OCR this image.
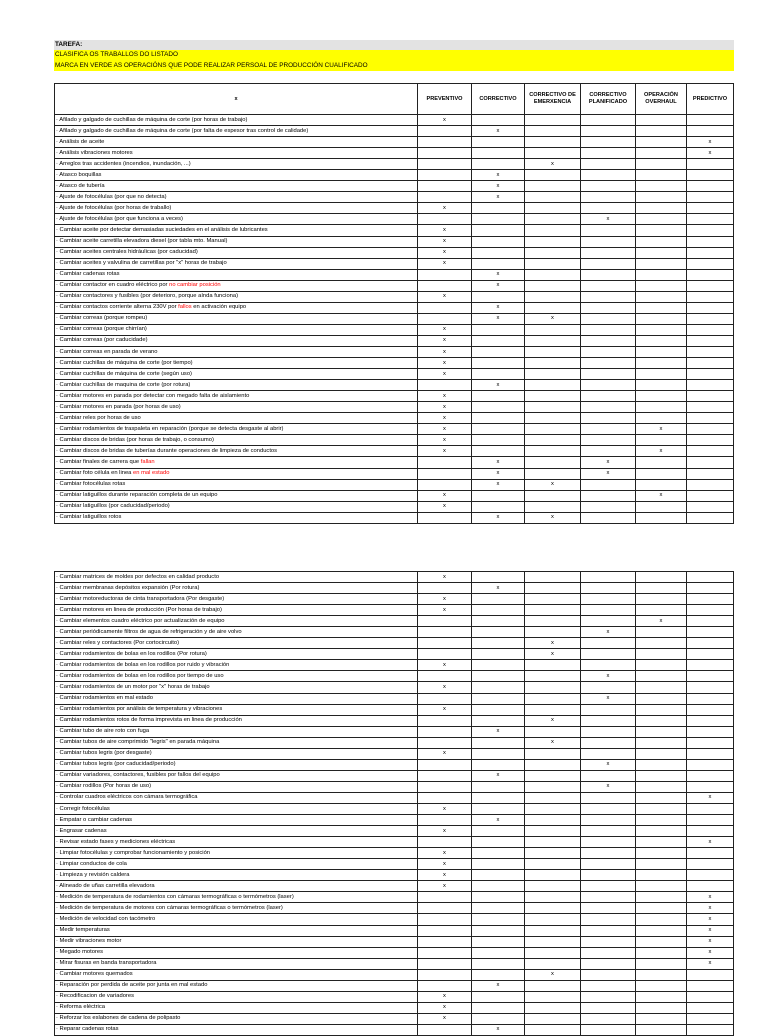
TAREFA:
CLASIFICA OS TRABALLOS DO LISTADO
MARCA EN VERDE AS OPERACIÓNS QUE PODE REALIZAR PERSOAL DE PRODUCCIÓN CUALIFICADO
x	PREVENTIVO	CORRECTIVO	CORRECTIVO DE EMERXENCIA	CORRECTIVO PLANIFICADO	OPERACIÓN OVERHAUL	PREDICTIVO
· Afilado y galgado de cuchillas de máquina de corte (por horas de trabajo)	x					
· Afilado y galgado de cuchillas de máquina de corte (por falta de espesor tras control de calidade)		x				
· Análisis de aceite						x
· Análisis vibraciones motores						x
· Arreglos tras accidentes (incendios, inundación, ...)			x			
· Atasco boquillas		x				
· Atasco de tubería		x				
· Ajuste de fotocélulas (por que no detecta)		x				
· Ajuste de fotocélulas (por horas de traballo)	x					
· Ajuste de fotocélulas (por que funciona a veces)				x		
· Cambiar aceite por detectar demasiadas suciedades en el análisis de lubricantes	x					
· Cambiar aceite carretilla elevadora diesel (por tabla mto. Manual)	x					
· Cambiar aceites centrales hidráulicas (por caducidad)	x					
· Cambiar aceites y valvulina de carretillas por "x" horas de trabajo	x					
· Cambiar cadenas rotas		x				
· Cambiar contactor en cuadro eléctrico por no cambiar posición		x				
· Cambiar contactores y fusibles (por deterioro, porque aínda funciona)	x					
· Cambiar contactos corriente alterna 230V por fallos en activación equipo		x				
· Cambiar correas (porque rompeu)		x	x			
· Cambiar correas (porque chirrían)	x					
· Cambiar correas (por caducidade)	x					
· Cambiar correas en parada de verano	x					
· Cambiar cuchillas de máquina de corte (por tiempo)	x					
· Cambiar cuchillas de máquina de corte (según uso)	x					
· Cambiar cuchillas de maquina de corte (por rotura)		x				
· Cambiar motores en parada por detectar con megado falta de aislamiento	x					
· Cambiar motores en parada (por horas de uso)	x					
· Cambiar reles por horas de uso	x					
· Cambiar rodamientos de traspaleta en reparación (porque se detecta desgaste al abrir)	x				x	
· Cambiar discos de bridas (por horas de trabajo, o consumo)	x					
· Cambiar discos de bridas de tuberías durante operaciones de limpieza de conductos	x				x	
· Cambiar finales de carrera que fallan		x		x		
· Cambiar foto célula en linea en mal estado		x		x		
· Cambiar fotocélulas rotas		x	x			
· Cambiar latiguillos durante reparación completa de un equipo	x				x	
· Cambiar latiguillos (por caducidad/periodo)	x					
· Cambiar latiguillos rotos		x	x			
· Cambiar matrices de moldes por defectos en calidad producto	x					
· Cambiar membranas depósitos expansión (Por rotura)		x				
· Cambiar motoreductoras de cinta transportadora (Por desgaste)	x					
· Cambiar motores en linea de producción (Por horas de trabajo)	x					
· Cambiar elementos cuadro eléctrico por actualización de equipo					x	
· Cambiar periódicamente filtros de agua de refrigeración y de aire volvo				x		
· Cambiar reles y contactores (Por cortocircuito)			x			
· Cambiar rodamientos de bolas en los rodillos (Por rotura)			x			
· Cambiar rodamientos de bolas en los rodillos por ruido y vibración	x					
· Cambiar rodamientos de bolas en los rodillos por tiempo de uso				x		
· Cambiar rodamientos de un motor por "x" horas de trabajo	x					
· Cambiar rodamientos en mal estado				x		
· Cambiar rodamientos por análisis de temperatura y vibraciones	x					
· Cambiar rodamientos rotos de forma imprevista en linea de producción			x			
· Cambiar tubo de aire roto con fuga		x				
· Cambiar tubos de aire comprimido "legris" en parada máquina			x			
· Cambiar tubos legris (por desgaste)	x					
· Cambiar tubos legris (por caducidad/periodo)				x		
· Cambiar variadores, contactores, fusibles por fallos del equipo		x				
· Cambiar rodillos (Por horas de uso)				x		
· Controlar cuadros eléctricos con cámara termográfica						x
· Corregir fotocélulas	x					
· Empatar o cambiar cadenas		x				
· Engrasar cadenas	x					
· Revisar estado fases y mediciones eléctricas						x
· Limpiar fotocélulas y comprobar funcionamiento y posición	x					
· Limpiar conductos de cola	x					
· Limpieza y revisión caldera	x					
· Alineado de uñas carretilla elevadora	x					
· Medición de temperatura de rodamientos con cámaras termográficas o termómetros (laser)						x
· Medición de temperatura de motores con cámaras termográficas o termómetros (laser)						x
· Medición de velocidad con tacómetro						x
· Medir temperaturas						x
· Medir vibraciones motor						x
· Megado motores						x
· Mirar fisuras en banda transportadora						x
· Cambiar motores quemados			x			
· Reparación por perdida de aceite por junta en mal estado		x				
· Recodificacion de variadores	x					
· Reforma eléctrica	x					
· Reforzar los eslabones de cadena de polipasto	x					
· Reparar cadenas rotas		x				
